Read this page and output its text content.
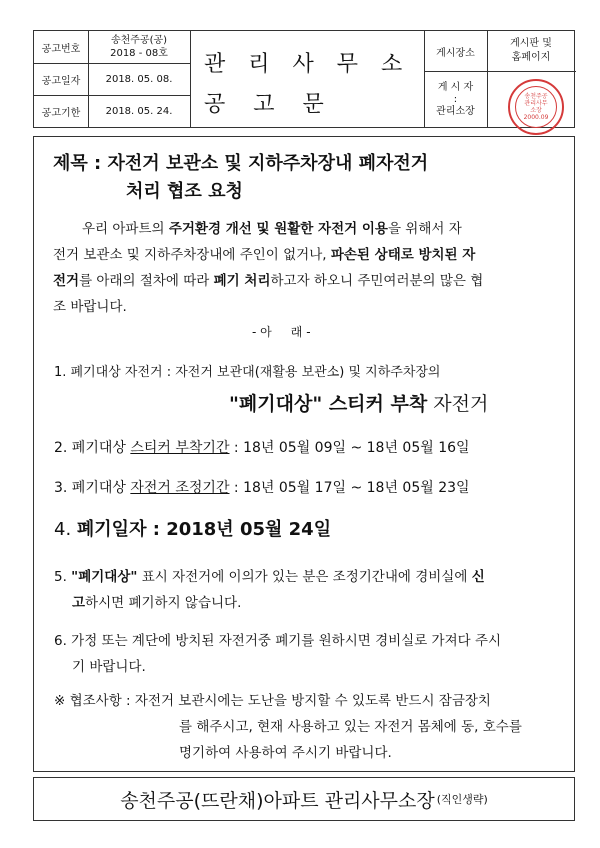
공고번호
송천주공(공)
2018 - 08호
공고일자	2018. 05. 08.
공고기한	2018. 05. 24.
관 리 사 무 소
공    고    문
게시장소
게시판 및
홈페이지
게 시 자
:
관리소장
송천주공
관리사무
소장
2000.09
제목 : 자전거 보관소 및 지하주차장내 폐자전거
처리 협조 요청
우리 아파트의 주거환경 개선 및 원활한 자전거 이용을 위해서 자
전거 보관소 및 지하주차장내에 주인이 없거나, 파손된 상태로 방치된 자
전거를 아래의 절차에 따라 폐기 처리하고자 하오니 주민여러분의 많은 협
조 바랍니다.
- 아     래 -
1. 폐기대상 자전거 : 자전거 보관대(재활용 보관소) 및 지하주차장의
"폐기대상" 스티커 부착 자전거
2. 폐기대상 스티커 부착기간 : 18년 05월 09일 ~ 18년 05월 16일
3. 폐기대상 자전거 조정기간 : 18년 05월 17일 ~ 18년 05월 23일
4. 폐기일자 : 2018년 05월 24일
5. "폐기대상" 표시 자전거에 이의가 있는 분은 조정기간내에 경비실에 신
고하시면 폐기하지 않습니다.
6. 가정 또는 계단에 방치된 자전거중 폐기를 원하시면 경비실로 가져다 주시
기 바랍니다.
※ 협조사항 : 자전거 보관시에는 도난을 방지할 수 있도록 반드시 잠금장치
를 해주시고, 현재 사용하고 있는 자전거 몸체에 동, 호수를
명기하여 사용하여 주시기 바랍니다.
송천주공(뜨란채)아파트 관리사무소장 (직인생략)
